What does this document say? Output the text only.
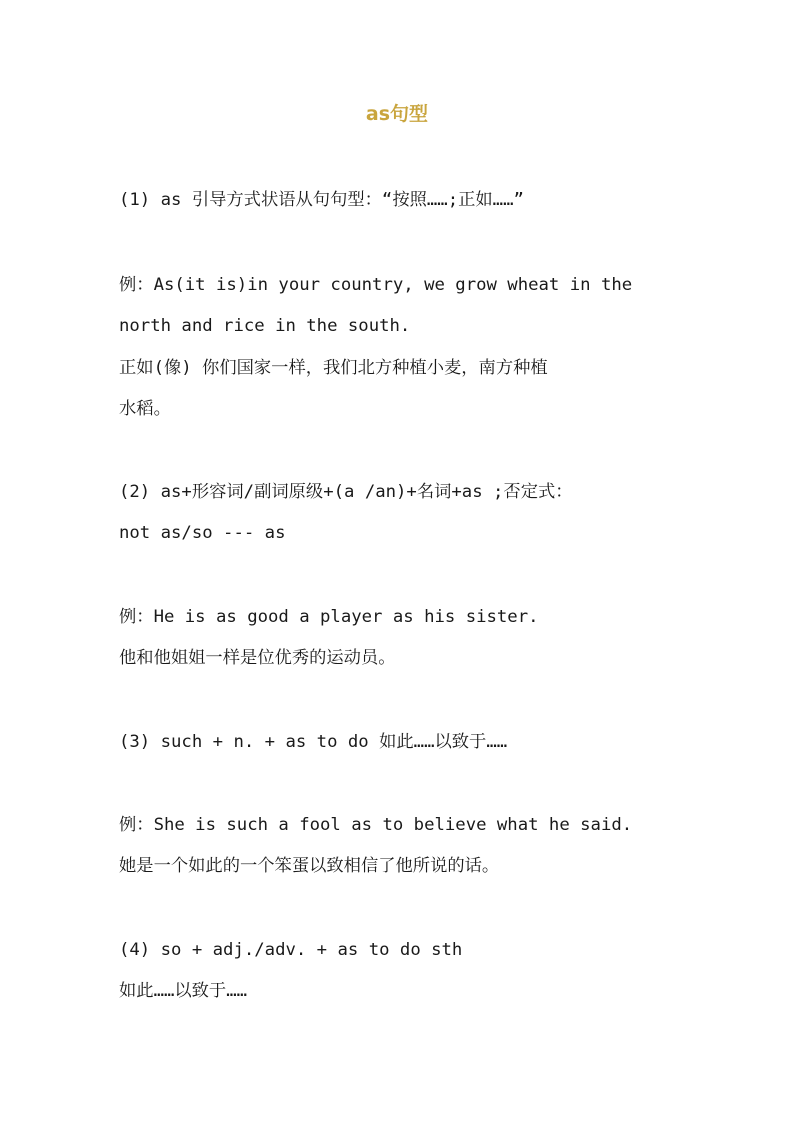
as句型
(1) as 引导方式状语从句句型：“按照……;正如……”
例：As(it is)in your country, we grow wheat in the
north and rice in the south.
正如(像) 你们国家一样，我们北方种植小麦，南方种植
水稻。
(2) as+形容词/副词原级+(a /an)+名词+as ;否定式：
not as/so --- as
例：He is as good a player as his sister.
他和他姐姐一样是位优秀的运动员。
(3) such + n. + as to do 如此……以致于……
例：She is such a fool as to believe what he said.
她是一个如此的一个笨蛋以致相信了他所说的话。
(4) so + adj./adv. + as to do sth
如此……以致于……
